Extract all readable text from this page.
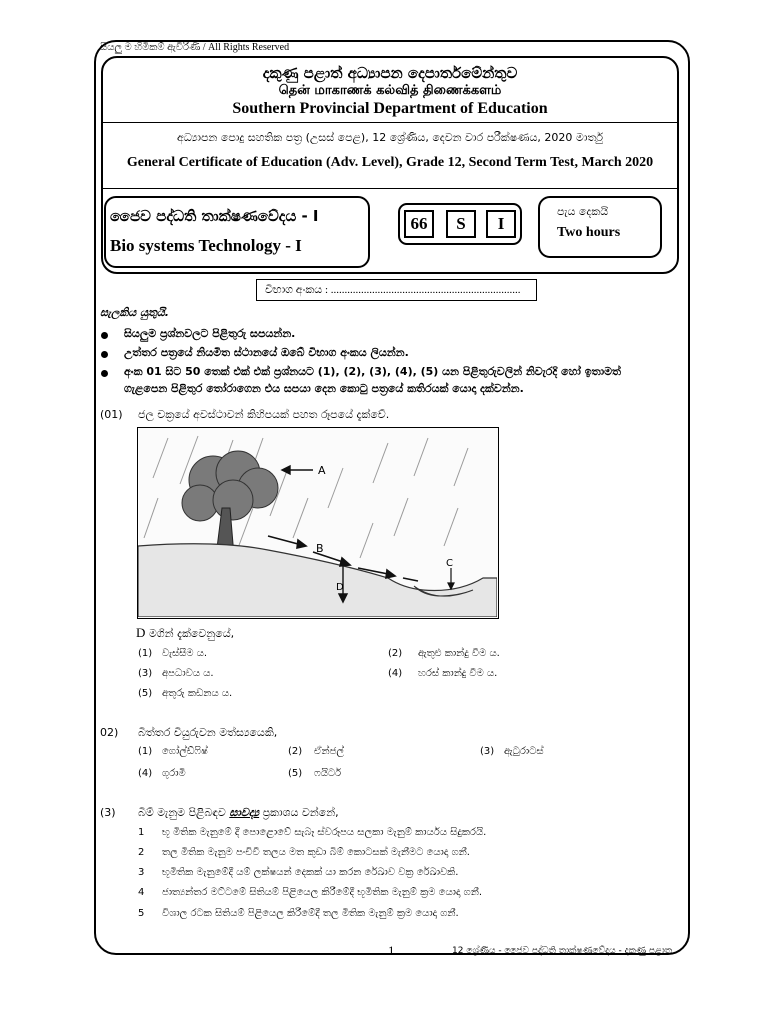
සියලු ම හිමිකම් ඇවිරිණි / All Rights Reserved
දකුණු පළාත් අධ්‍යාපන දෙපාර්තමේන්තුව
தென் மாகாணக் கல்வித் திணைக்களம்
Southern Provincial Department of Education
අධ්‍යාපන පොදු සහතික පත්‍ර (උසස් පෙළ), 12 ශ්‍රේණිය, දෙවන වාර පරීක්ෂණය, 2020 මාර්තු
General Certificate of Education (Adv. Level), Grade 12, Second Term Test, March 2020
ජෛව පද්ධති තාක්ෂණවේදය - I
Bio systems Technology - I
66	S	I
පැය දෙකයි
Two hours
විභාග අංකය : .....................................................................
සැලකිය යුතුයි.
සියලුම ප්‍රශ්නවලට පිළිතුරු සපයන්න.
උත්තර පත්‍රයේ නියමිත ස්ථානයේ ඔබේ විභාග අංකය ලියන්න.
අංක 01 සිට 50 තෙක් එක් එක් ප්‍රශ්නයට (1), (2), (3), (4), (5) යන පිළිතුරුවලින් නිවැරදි හෝ ඉතාමත්
ගැළපෙන පිළිතුර තෝරාගෙන එය සපයා දෙන කොටු පත්‍රයේ කතිරයක් යොදා දක්වන්න.
(01) ජල චක්‍රයේ අවස්ථාවන් කිහිපයක් පහත රූපයේ දැක්වේ.
A
B
C
D
D මගින් දැක්වෙනුයේ,
(1) වැස්සීම ය.	(2) ඇතුළු කාන්දු වීම ය.
(3) අපධාවය ය.	(4) හරස් කාන්දු වීම ය.
(5) අතුරු කඩනය ය.
02) බිත්තර වියුරුවන මත්ස්‍යයෙකි,
(1) ගෝල්ඩ්ෆිෂ්	(2) ඒන්ජල්	(3) ඇටුරාටස්
(4) ගුරාමි	(5) ෆයිටර්
(3) බිම් මැනුම පිළිබඳව සාවද්‍ය ප්‍රකාශය වන්නේ,
1 භූ මිතික මැනුමේ දී පොළොවේ සැබෑ ස්වරූපය සලකා මැනුම් කාර්යය සිදුකරයි.
2 තල මිතික මැනුම පංචිවී තලය මත කුඩා බිම් කොටසක් මැනීමට යොදා ගනී.
3 භූමිතික මැනුමේදී යම් ලක්ෂයන් දෙකක් යා කරන රේඛාව වක්‍ර රේඛාවකි.
4 ජාත්‍යන්තර මට්ටමේ සිතියම් පිළියෙල කිරීමේදී භූමිතික මැනුම් ක්‍රම යොදා ගනී.
5 විශාල රටක සිතියම් පිළියෙල කිරීමේදී තල මිතික මැනුම් ක්‍රම යොදා ගනී.
1	12 ශ්‍රේණිය - ජෛව පද්ධති තාක්ෂණවේදය - දකුණු පළාත
